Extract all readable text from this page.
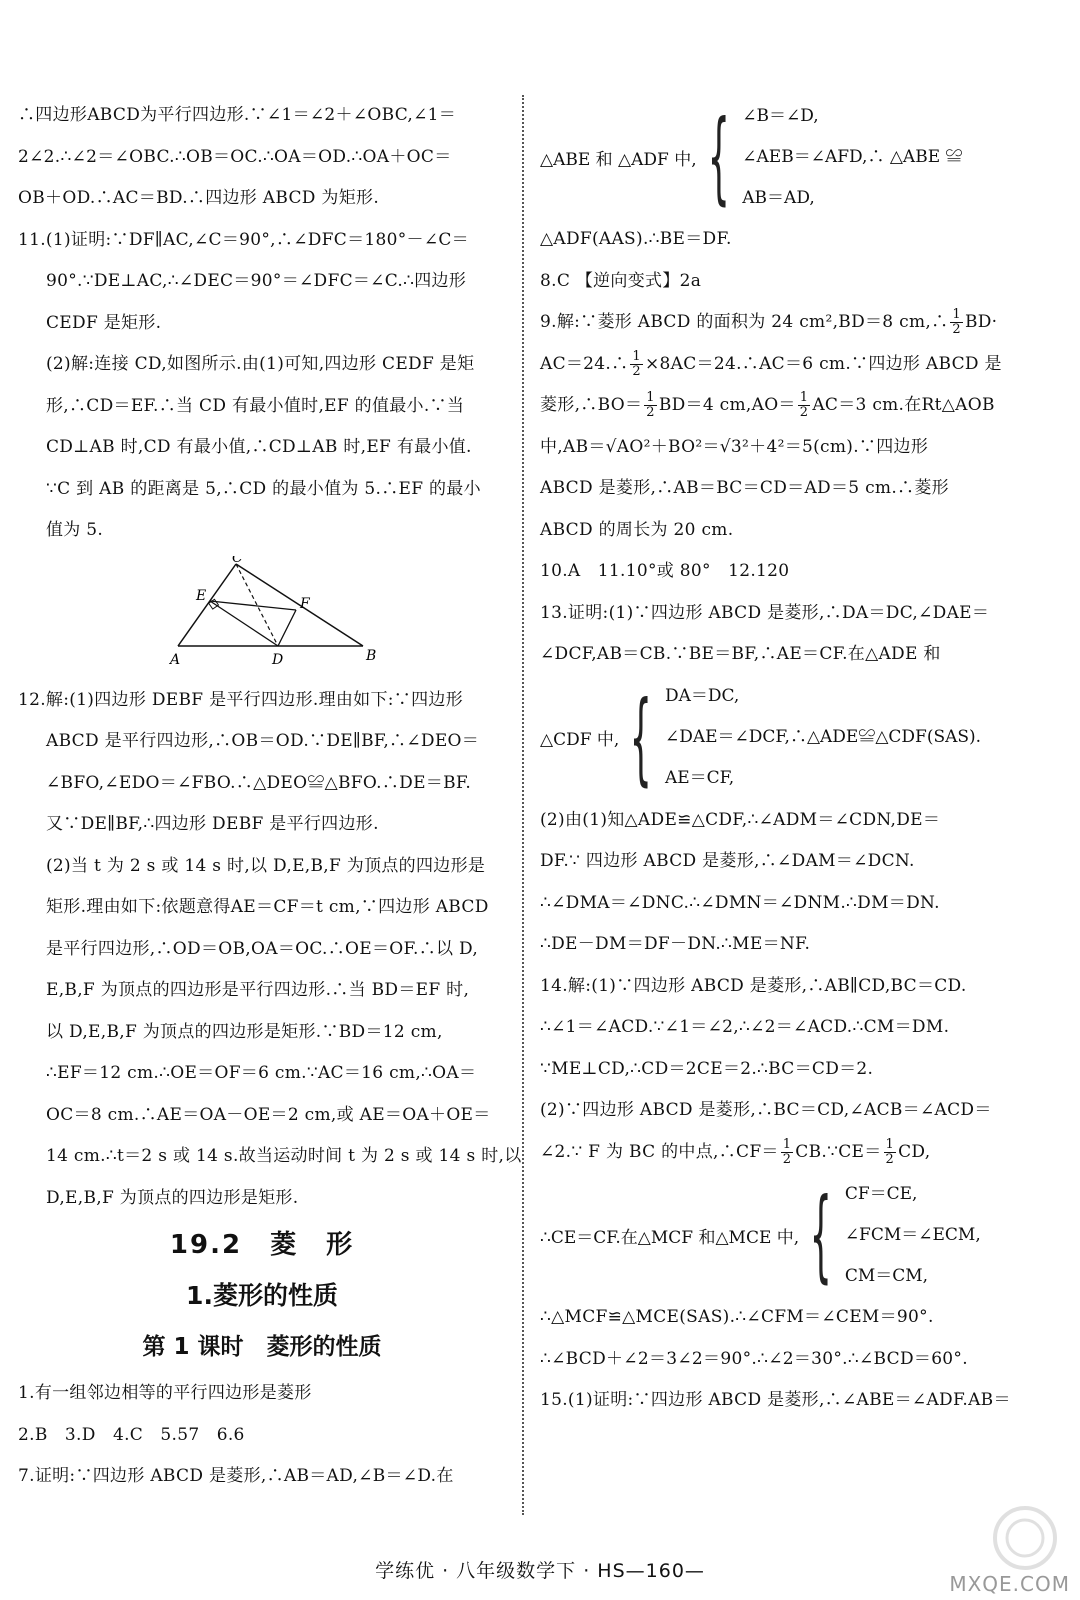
∴四边形ABCD为平行四边形.∵∠1＝∠2＋∠OBC,∠1＝
2∠2.∴∠2＝∠OBC.∴OB＝OC.∴OA＝OD.∴OA＋OC＝
OB＋OD.∴AC＝BD.∴四边形 ABCD 为矩形.
11.(1)证明:∵DF∥AC,∠C＝90°,∴∠DFC＝180°－∠C＝
90°.∵DE⊥AC,∴∠DEC＝90°＝∠DFC＝∠C.∴四边形
CEDF 是矩形.
(2)解:连接 CD,如图所示.由(1)可知,四边形 CEDF 是矩
形,∴CD＝EF.∴当 CD 有最小值时,EF 的值最小.∵当
CD⊥AB 时,CD 有最小值,∴CD⊥AB 时,EF 有最小值.
∵C 到 AB 的距离是 5,∴CD 的最小值为 5.∴EF 的最小
值为 5.
A	B
C
D
E	F
12.解:(1)四边形 DEBF 是平行四边形.理由如下:∵四边形
ABCD 是平行四边形,∴OB＝OD.∵DE∥BF,∴∠DEO＝
∠BFO,∠EDO＝∠FBO.∴△DEO≌△BFO.∴DE＝BF.
又∵DE∥BF,∴四边形 DEBF 是平行四边形.
(2)当 t 为 2 s 或 14 s 时,以 D,E,B,F 为顶点的四边形是
矩形.理由如下:依题意得AE＝CF＝t cm,∵四边形 ABCD
是平行四边形,∴OD＝OB,OA＝OC.∴OE＝OF.∴以 D,
E,B,F 为顶点的四边形是平行四边形.∴当 BD＝EF 时,
以 D,E,B,F 为顶点的四边形是矩形.∵BD＝12 cm,
∴EF＝12 cm.∴OE＝OF＝6 cm.∵AC＝16 cm,∴OA＝
OC＝8 cm.∴AE＝OA－OE＝2 cm,或 AE＝OA＋OE＝
14 cm.∴t＝2 s 或 14 s.故当运动时间 t 为 2 s 或 14 s 时,以
D,E,B,F 为顶点的四边形是矩形.
19.2　菱　形
1.菱形的性质
第 1 课时　菱形的性质
1.有一组邻边相等的平行四边形是菱形
2.B　3.D　4.C　5.57　6.6
7.证明:∵四边形 ABCD 是菱形,∴AB＝AD,∠B＝∠D.在
△ABE 和 △ADF 中, { ∠B＝∠D,
∠AEB＝∠AFD,∴ △ABE ≌
AB＝AD,
△ADF(AAS).∴BE＝DF.
8.C 【逆向变式】2a
9.解:∵菱形 ABCD 的面积为 24 cm²,BD＝8 cm,∴ $\frac{1}{2} BD\cdot$
AC＝24.∴ $\frac{1}{2}$ ×8AC＝24.∴AC＝6 cm.∵四边形 ABCD 是
菱形,∴BO＝ $\frac{1}{2} BD=4$ $cm,AO= \frac{1}{2} AC=3$ cm.在Rt△AOB
中,AB＝√AO²＋BO²＝√3²＋4²＝5(cm).∵四边形
ABCD 是菱形,∴AB＝BC＝CD＝AD＝5 cm.∴菱形
ABCD 的周长为 20 cm.
10.A　11.10°或 80°　12.120
13.证明:(1)∵四边形 ABCD 是菱形,∴DA＝DC,∠DAE＝
∠DCF,AB＝CB.∵BE＝BF,∴AE＝CF.在△ADE 和
△CDF 中, { DA＝DC,
∠DAE＝∠DCF,∴△ADE≌△CDF(SAS).
AE＝CF,
(2)由(1)知△ADE≌△CDF,∴∠ADM＝∠CDN,DE＝
DF.∵ 四边形 ABCD 是菱形,∴∠DAM＝∠DCN.
∴∠DMA＝∠DNC.∴∠DMN＝∠DNM.∴DM＝DN.
∴DE－DM＝DF－DN.∴ME＝NF.
14.解:(1)∵四边形 ABCD 是菱形,∴AB∥CD,BC＝CD.
∴∠1＝∠ACD.∵∠1＝∠2,∴∠2＝∠ACD.∴CM＝DM.
∵ME⊥CD,∴CD＝2CE＝2.∴BC＝CD＝2.
(2)∵四边形 ABCD 是菱形,∴BC＝CD,∠ACB＝∠ACD＝
∠2.∵ F 为 BC 的中点,∴CF＝ $\frac{1}{2}$ CB.∵CE＝ $\frac{1}{2}$ CD,
∴CE＝CF.在△MCF 和△MCE 中, { CF＝CE,
∠FCM＝∠ECM,
CM＝CM,
∴△MCF≌△MCE(SAS).∴∠CFM＝∠CEM＝90°.
∴∠BCD＋∠2＝3∠2＝90°.∴∠2＝30°.∴∠BCD＝60°.
15.(1)证明:∵四边形 ABCD 是菱形,∴∠ABE＝∠ADF.AB＝
学练优 · 八年级数学下 · HS—160—
MXQE.COM
